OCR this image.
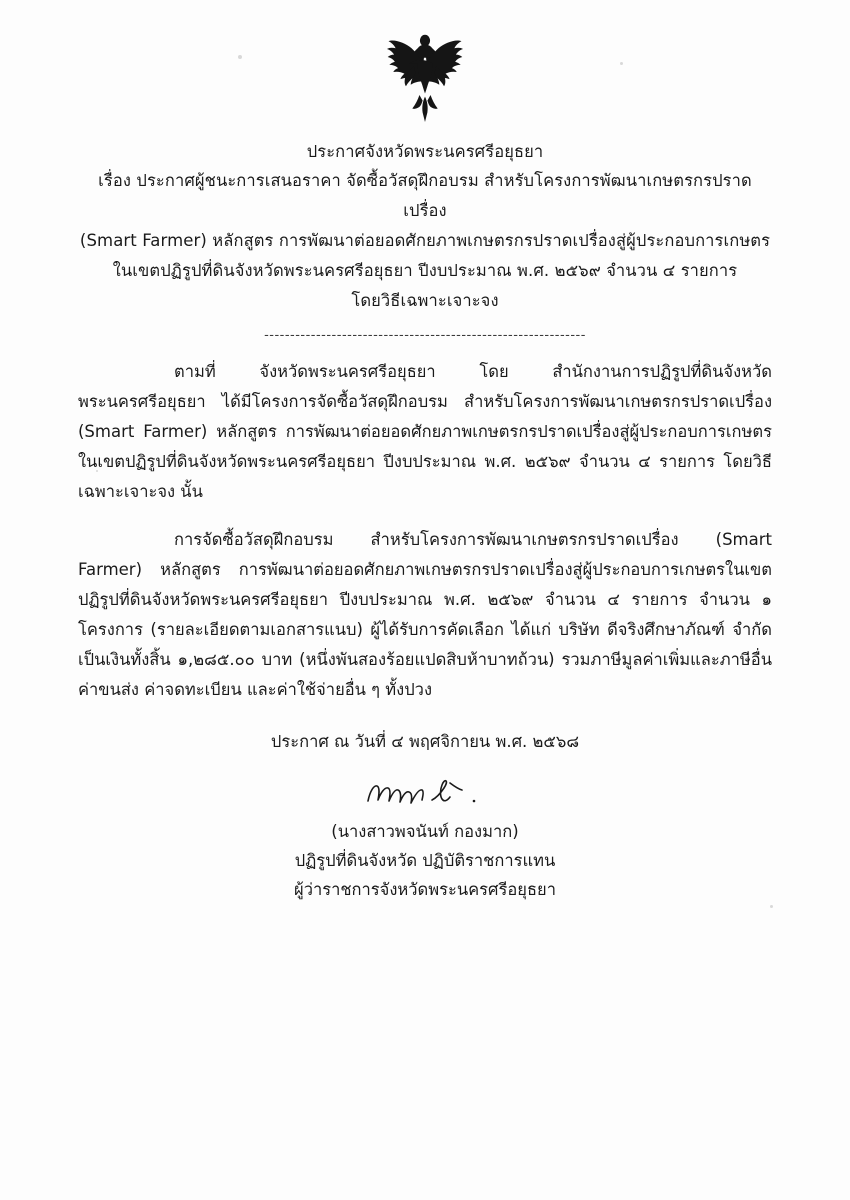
ประกาศจังหวัดพระนครศรีอยุธยา
เรื่อง ประกาศผู้ชนะการเสนอราคา จัดซื้อวัสดุฝึกอบรม สำหรับโครงการพัฒนาเกษตรกรปราดเปรื่อง
(Smart Farmer) หลักสูตร การพัฒนาต่อยอดศักยภาพเกษตรกรปราดเปรื่องสู่ผู้ประกอบการเกษตร
ในเขตปฏิรูปที่ดินจังหวัดพระนครศรีอยุธยา ปีงบประมาณ พ.ศ. ๒๕๖๙ จำนวน ๔ รายการ
โดยวิธีเฉพาะเจาะจง
--------------------------------------------------------------

ตามที่ จังหวัดพระนครศรีอยุธยา โดย สำนักงานการปฏิรูปที่ดินจังหวัดพระนครศรีอยุธยา ได้มีโครงการจัดซื้อวัสดุฝึกอบรม สำหรับโครงการพัฒนาเกษตรกรปราดเปรื่อง (Smart Farmer) หลักสูตร การพัฒนาต่อยอดศักยภาพเกษตรกรปราดเปรื่องสู่ผู้ประกอบการเกษตรในเขตปฏิรูปที่ดินจังหวัดพระนครศรีอยุธยา ปีงบประมาณ พ.ศ. ๒๕๖๙ จำนวน ๔ รายการ โดยวิธีเฉพาะเจาะจง นั้น

การจัดซื้อวัสดุฝึกอบรม สำหรับโครงการพัฒนาเกษตรกรปราดเปรื่อง (Smart Farmer) หลักสูตร การพัฒนาต่อยอดศักยภาพเกษตรกรปราดเปรื่องสู่ผู้ประกอบการเกษตรในเขตปฏิรูปที่ดินจังหวัดพระนครศรีอยุธยา ปีงบประมาณ พ.ศ. ๒๕๖๙ จำนวน ๔ รายการ จำนวน ๑ โครงการ (รายละเอียดตามเอกสารแนบ) ผู้ได้รับการคัดเลือก ได้แก่ บริษัท ดีจริงศึกษาภัณฑ์ จำกัด เป็นเงินทั้งสิ้น ๑,๒๘๕.๐๐ บาท (หนึ่งพันสองร้อยแปดสิบห้าบาทถ้วน) รวมภาษีมูลค่าเพิ่มและภาษีอื่น ค่าขนส่ง ค่าจดทะเบียน และค่าใช้จ่ายอื่น ๆ ทั้งปวง

ประกาศ ณ วันที่ ๔ พฤศจิกายน พ.ศ. ๒๕๖๘
(นางสาวพจนันท์ กองมาก)
ปฏิรูปที่ดินจังหวัด ปฏิบัติราชการแทน
ผู้ว่าราชการจังหวัดพระนครศรีอยุธยา
